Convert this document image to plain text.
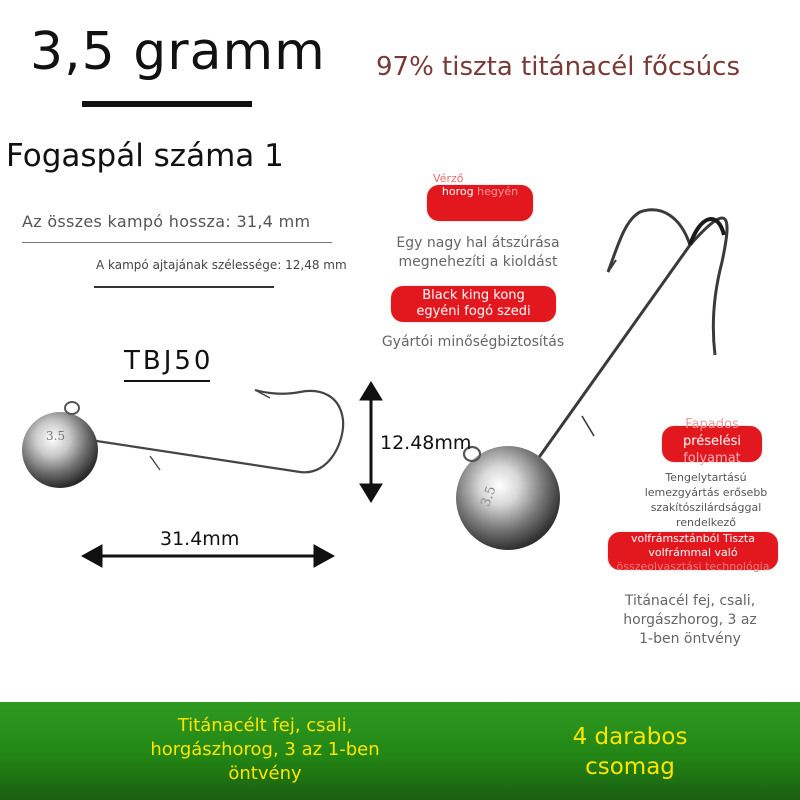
3,5 gramm 97% tiszta titánacél főcsúcs
Fogaspál száma 1
Az összes kampó hossza: 31,4 mm
A kampó ajtajának szélessége: 12,48 mm
TBJ50
3.5
3.5
12.48mm
31.4mm
Vérző vérnyílás a horog hegyén
Egy nagy hal átszúrása
megnehezíti a kioldást
Black king kong
egyéni fogó szedi
Gyártói minőségbiztosítás
Fapados préselési folyamat
Tengelytartású
lemezgyártás erősebb
szakítószilárdsággal
rendelkező
volfrámsztánból Tiszta volfrámmal való összeolvasztási technológia
Titánacél fej, csali,
horgászhorog, 3 az
1-ben öntvény
Titánacélt fej, csali,
horgászhorog, 3 az 1-ben
öntvény
4 darabos
csomag
